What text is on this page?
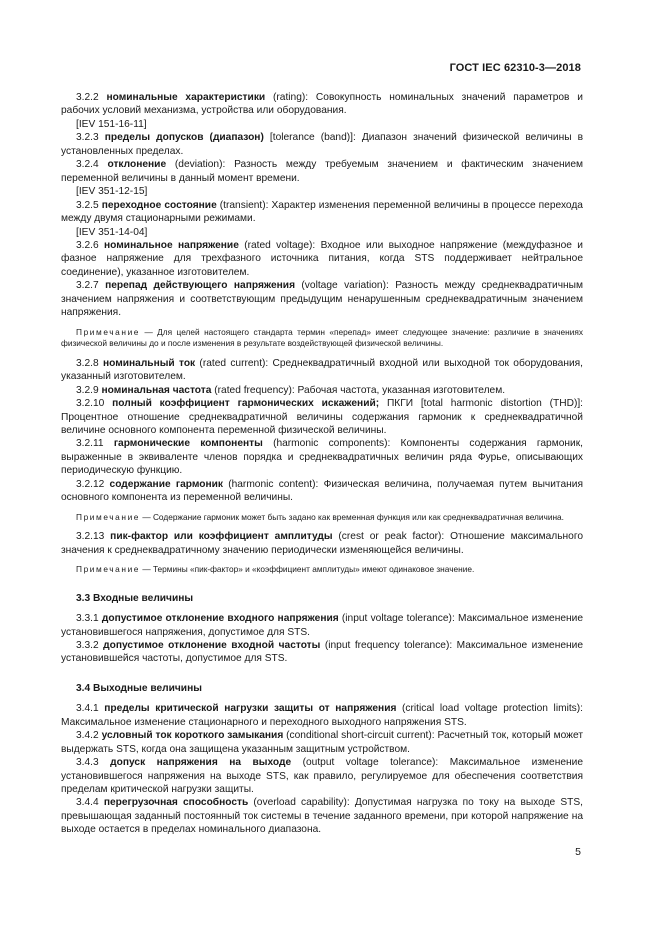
ГОСТ IEC 62310-3—2018
3.2.2 номинальные характеристики (rating): Совокупность номинальных значений параметров и рабочих условий механизма, устройства или оборудования.
[IEV 151-16-11]
3.2.3 пределы допусков (диапазон) [tolerance (band)]: Диапазон значений физической величины в установленных пределах.
3.2.4 отклонение (deviation): Разность между требуемым значением и фактическим значением переменной величины в данный момент времени.
[IEV 351-12-15]
3.2.5 переходное состояние (transient): Характер изменения переменной величины в процессе перехода между двумя стационарными режимами.
[IEV 351-14-04]
3.2.6 номинальное напряжение (rated voltage): Входное или выходное напряжение (междуфазное и фазное напряжение для трехфазного источника питания, когда STS поддерживает нейтральное соединение), указанное изготовителем.
3.2.7 перепад действующего напряжения (voltage variation): Разность между среднеквадратичным значением напряжения и соответствующим предыдущим ненарушенным среднеквадратичным значением напряжения.
Примечание — Для целей настоящего стандарта термин «перепад» имеет следующее значение: различие в значениях физической величины до и после изменения в результате воздействующей физической величины.
3.2.8 номинальный ток (rated current): Среднеквадратичный входной или выходной ток оборудования, указанный изготовителем.
3.2.9 номинальная частота (rated frequency): Рабочая частота, указанная изготовителем.
3.2.10 полный коэффициент гармонических искажений; ПКГИ [total harmonic distortion (THD)]: Процентное отношение среднеквадратичной величины содержания гармоник к среднеквадратичной величине основного компонента переменной физической величины.
3.2.11 гармонические компоненты (harmonic components): Компоненты содержания гармоник, выраженные в эквиваленте членов порядка и среднеквадратичных величин ряда Фурье, описывающих периодическую функцию.
3.2.12 содержание гармоник (harmonic content): Физическая величина, получаемая путем вычитания основного компонента из переменной величины.
Примечание — Содержание гармоник может быть задано как временная функция или как среднеквадратичная величина.
3.2.13 пик-фактор или коэффициент амплитуды (crest or peak factor): Отношение максимального значения к среднеквадратичному значению периодически изменяющейся величины.
Примечание — Термины «пик-фактор» и «коэффициент амплитуды» имеют одинаковое значение.
3.3 Входные величины
3.3.1 допустимое отклонение входного напряжения (input voltage tolerance): Максимальное изменение установившегося напряжения, допустимое для STS.
3.3.2 допустимое отклонение входной частоты (input frequency tolerance): Максимальное изменение установившейся частоты, допустимое для STS.
3.4 Выходные величины
3.4.1 пределы критической нагрузки защиты от напряжения (critical load voltage protection limits): Максимальное изменение стационарного и переходного выходного напряжения STS.
3.4.2 условный ток короткого замыкания (conditional short-circuit current): Расчетный ток, который может выдержать STS, когда она защищена указанным защитным устройством.
3.4.3 допуск напряжения на выходе (output voltage tolerance): Максимальное изменение установившегося напряжения на выходе STS, как правило, регулируемое для обеспечения соответствия пределам критической нагрузки защиты.
3.4.4 перегрузочная способность (overload capability): Допустимая нагрузка по току на выходе STS, превышающая заданный постоянный ток системы в течение заданного времени, при которой напряжение на выходе остается в пределах номинального диапазона.
5
